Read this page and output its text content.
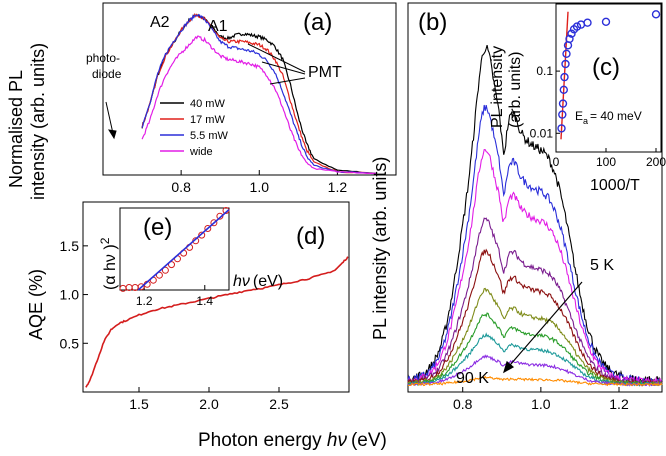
0.8	1.0	1.2
(a)
A2 A1
PMT
photo-
diode
40 mW
17 mW
5.5 mW
wide
Normalised PL intensity (arb. units)
1.5	2.0	2.5
0.5
1.0
1.5	(d)
AQE (%)	1.2	1.4
(e)
(α hν )$^2$
hν (eV)
Photon energy hν (eV)
0.8	1.0	1.2
(b)
5 K
90 K
PL intensity (arb. units)	0	100 200
0.01
0.1 (c)
$E_a = 40$ meV
1000/T
PL intensity (arb. units)
